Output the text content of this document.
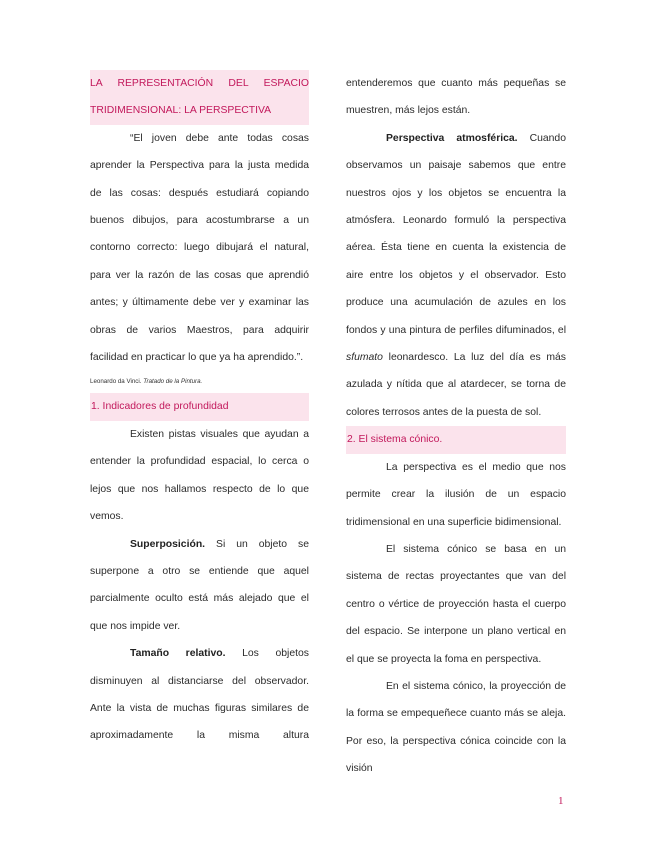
LA REPRESENTACIÓN DEL ESPACIO
TRIDIMENSIONAL: LA PERSPECTIVA

“El joven debe ante todas cosas aprender la Perspectiva para la justa medida de las cosas: después estudiará copiando buenos dibujos, para acostumbrarse a un contorno correcto: luego dibujará el natural, para ver la razón de las cosas que aprendió antes; y últimamente debe ver y examinar las obras de varios Maestros, para adquirir facilidad en practicar lo que ya ha aprendido.”.

Leonardo da Vinci. Tratado de la Pintura.
1. Indicadores de profundidad

Existen pistas visuales que ayudan a entender la profundidad espacial, lo cerca o lejos que nos hallamos respecto de lo que vemos.

Superposición. Si un objeto se superpone a otro se entiende que aquel parcialmente oculto está más alejado que el que nos impide ver.

Tamaño relativo. Los objetos disminuyen al distanciarse del observador. Ante la vista de muchas figuras similares de aproximadamente la misma altura

entenderemos que cuanto más pequeñas se muestren, más lejos están.

Perspectiva atmosférica. Cuando observamos un paisaje sabemos que entre nuestros ojos y los objetos se encuentra la atmósfera. Leonardo formuló la perspectiva aérea. Ésta tiene en cuenta la existencia de aire entre los objetos y el observador. Esto produce una acumulación de azules en los fondos y una pintura de perfiles difuminados, el sfumato leonardesco. La luz del día es más azulada y nítida que al atardecer, se torna de colores terrosos antes de la puesta de sol.

2. El sistema cónico.

La perspectiva es el medio que nos permite crear la ilusión de un espacio tridimensional en una superficie bidimensional.

El sistema cónico se basa en un sistema de rectas proyectantes que van del centro o vértice de proyección hasta el cuerpo del espacio. Se interpone un plano vertical en el que se proyecta la foma en perspectiva.

En el sistema cónico, la proyección de la forma se empequeñece cuanto más se aleja. Por eso, la perspectiva cónica coincide con la visión

1
